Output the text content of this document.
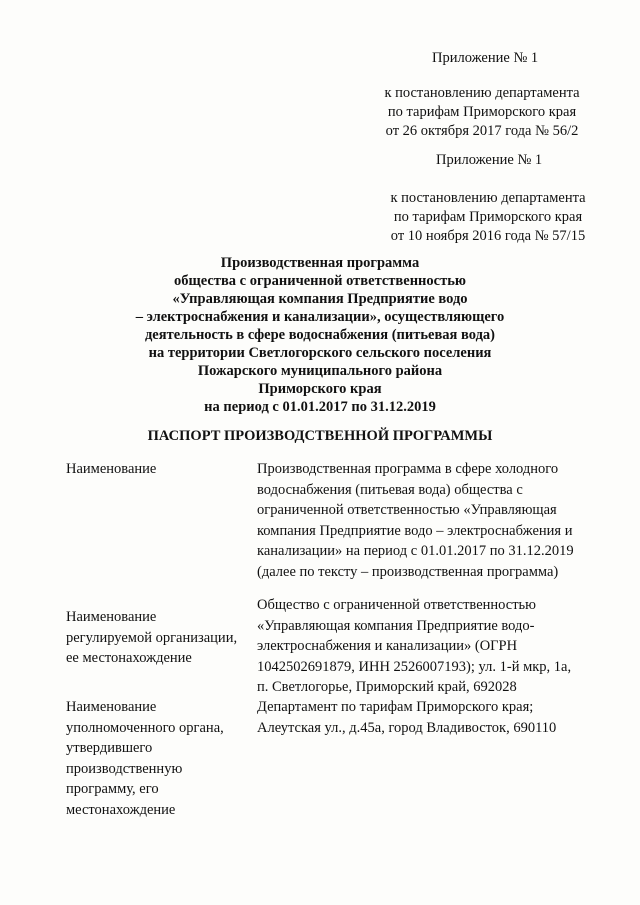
Приложение № 1
к постановлению департамента
по тарифам Приморского края
от 26 октября 2017 года № 56/2
Приложение № 1
к постановлению департамента
по тарифам Приморского края
от 10 ноября 2016 года № 57/15
Производственная программа
общества с ограниченной ответственностью
«Управляющая компания Предприятие водо
– электроснабжения и канализации», осуществляющего
деятельность в сфере водоснабжения (питьевая вода)
на территории Светлогорского сельского поселения
Пожарского муниципального района
Приморского края
на период с 01.01.2017 по 31.12.2019
ПАСПОРТ ПРОИЗВОДСТВЕННОЙ ПРОГРАММЫ
Наименование	Производственная программа в сфере холодного
водоснабжения (питьевая вода) общества с
ограниченной ответственностью «Управляющая
компания Предприятие водо – электроснабжения и
канализации» на период с 01.01.2017 по 31.12.2019
(далее по тексту – производственная программа)
Наименование
регулируемой организации,
ее местонахождение
Общество с ограниченной ответственностью
«Управляющая компания Предприятие водо-
электроснабжения и канализации» (ОГРН
1042502691879, ИНН 2526007193); ул. 1-й мкр, 1а,
п. Светлогорье, Приморский край, 692028
Наименование
уполномоченного органа,
утвердившего
производственную
программу, его
местонахождение
Департамент по тарифам Приморского края;
Алеутская ул., д.45а, город Владивосток, 690110
